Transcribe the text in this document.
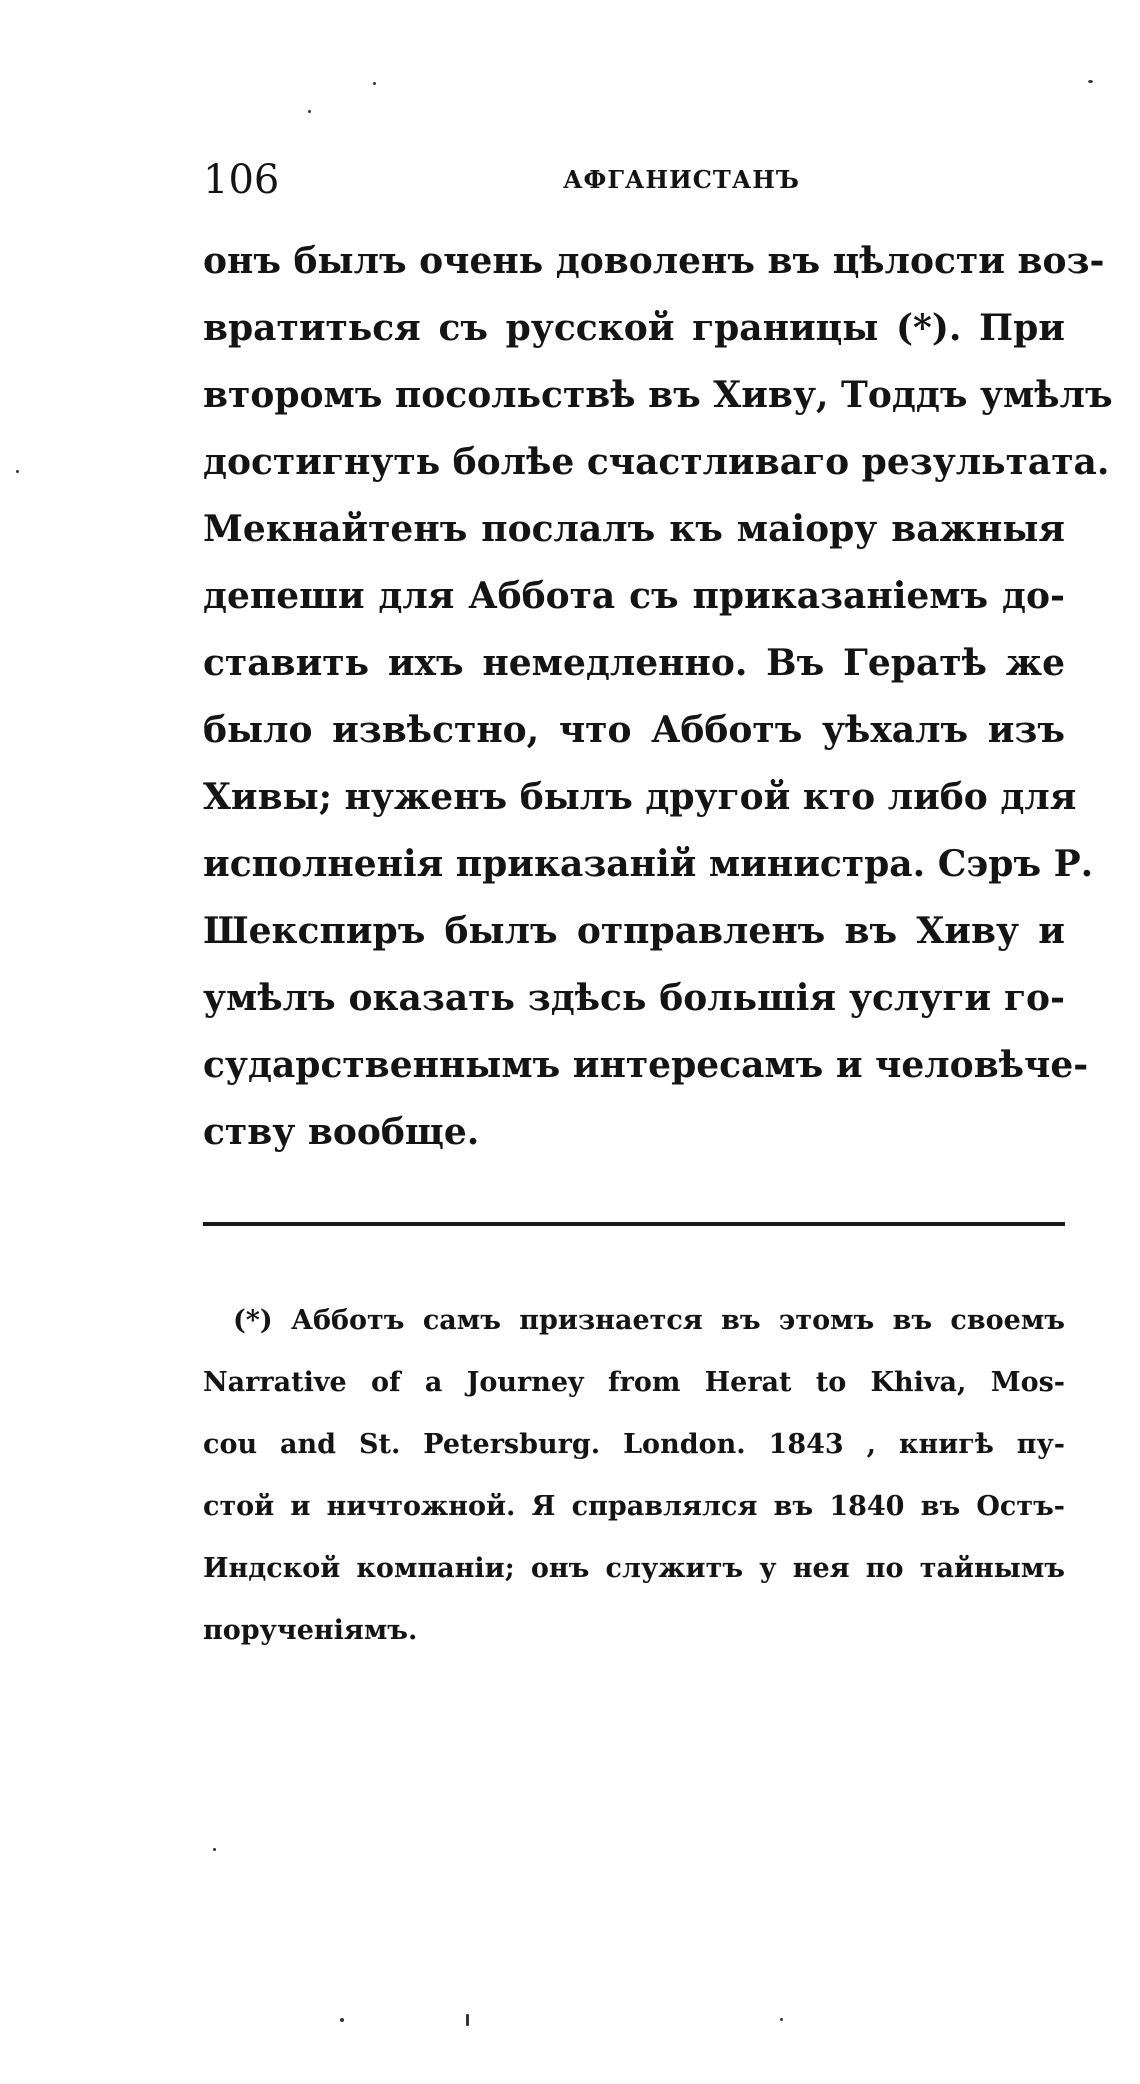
106	АФГАНИСТАНЪ
онъ былъ очень доволенъ въ цѣлости воз-
вратиться съ русской границы (*). При
второмъ посольствѣ въ Хиву, Тоддъ умѣлъ
достигнуть болѣе счастливаго результата.
Мекнайтенъ послалъ къ маіору важныя
депеши для Аббота съ приказаніемъ до-
ставить ихъ немедленно. Въ Гератѣ же
было извѣстно, что Абботъ уѣхалъ изъ
Хивы; нуженъ былъ другой кто либо для
исполненія приказаній министра. Сэръ Р.
Шекспиръ былъ отправленъ въ Хиву и
умѣлъ оказать здѣсь большія услуги го-
сударственнымъ интересамъ и человѣче-
ству вообще.
(*) Абботъ самъ признается въ этомъ въ своемъ
Narrative of a Journey from Herat to Khiva, Mos-
cou and St. Petersburg. London. 1843 , книгѣ пу-
стой и ничтожной. Я справлялся въ 1840 въ Остъ-
Индской компаніи; онъ служитъ у нея по тайнымъ
порученіямъ.
